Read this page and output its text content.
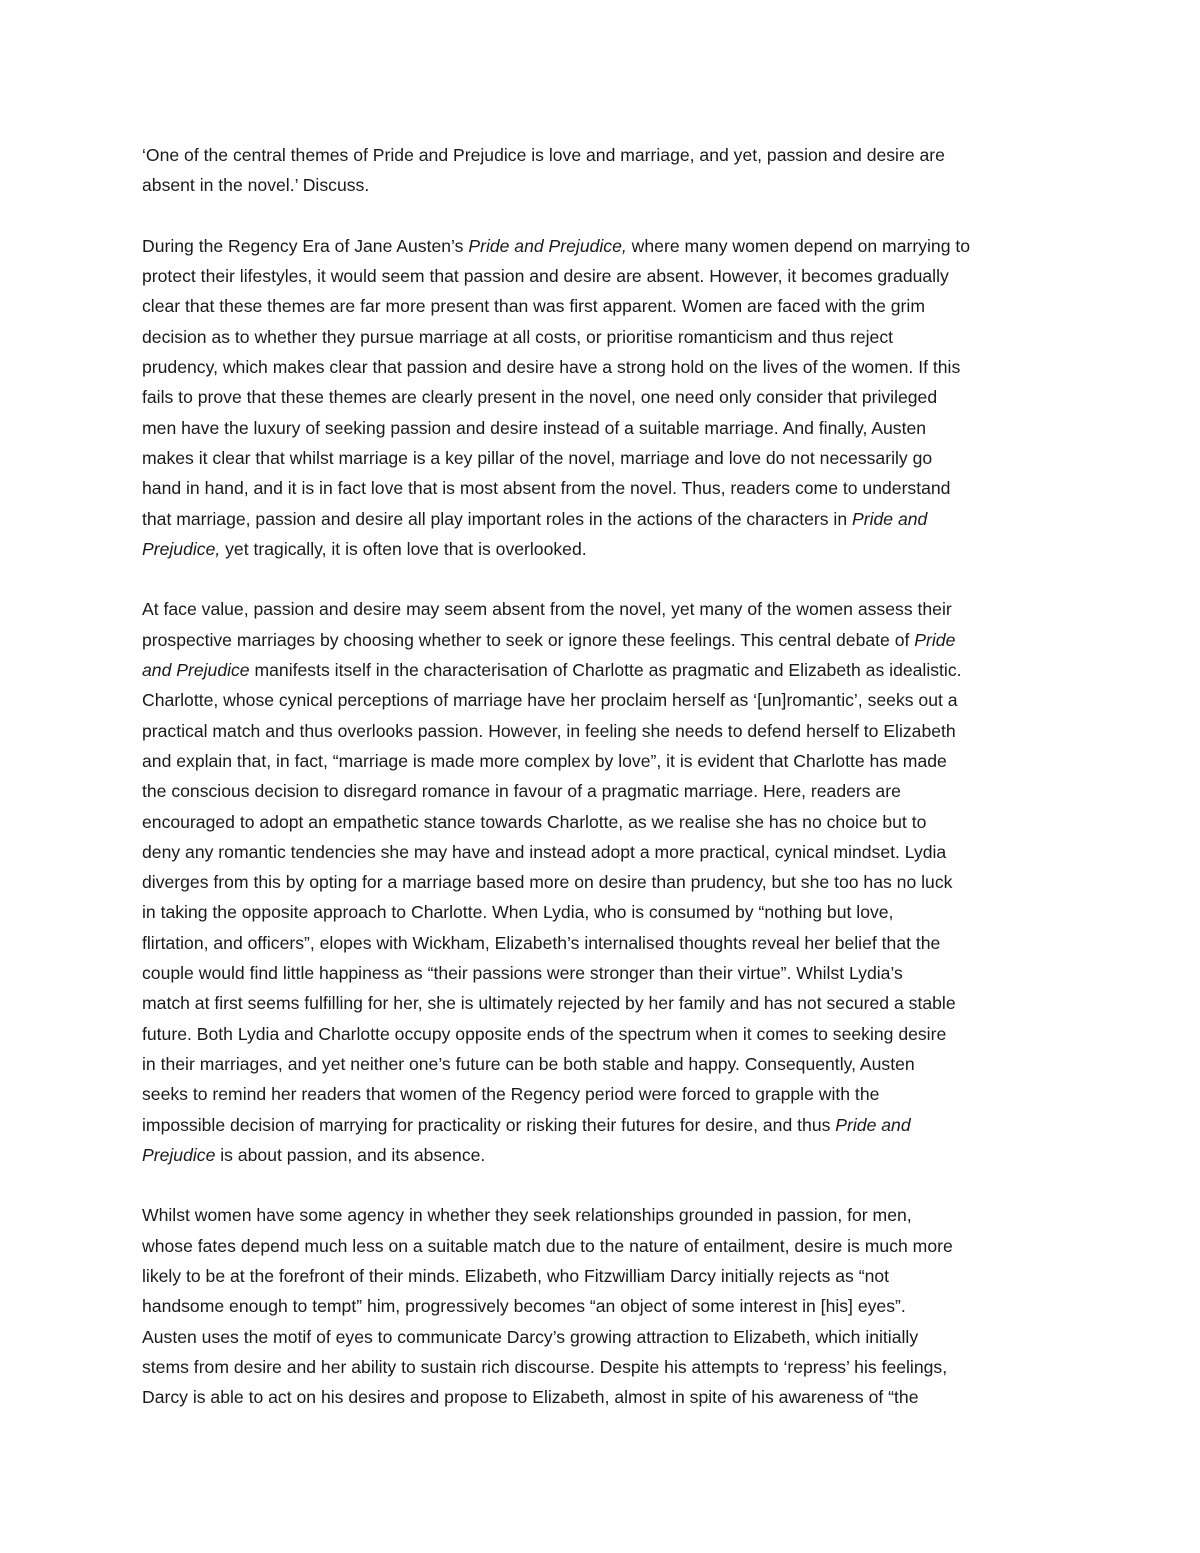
‘One of the central themes of Pride and Prejudice is love and marriage, and yet, passion and desire are
absent in the novel.’ Discuss.

During the Regency Era of Jane Austen’s Pride and Prejudice, where many women depend on marrying to
protect their lifestyles, it would seem that passion and desire are absent. However, it becomes gradually
clear that these themes are far more present than was first apparent. Women are faced with the grim
decision as to whether they pursue marriage at all costs, or prioritise romanticism and thus reject
prudency, which makes clear that passion and desire have a strong hold on the lives of the women. If this
fails to prove that these themes are clearly present in the novel, one need only consider that privileged
men have the luxury of seeking passion and desire instead of a suitable marriage. And finally, Austen
makes it clear that whilst marriage is a key pillar of the novel, marriage and love do not necessarily go
hand in hand, and it is in fact love that is most absent from the novel. Thus, readers come to understand
that marriage, passion and desire all play important roles in the actions of the characters in Pride and
Prejudice, yet tragically, it is often love that is overlooked.

At face value, passion and desire may seem absent from the novel, yet many of the women assess their
prospective marriages by choosing whether to seek or ignore these feelings. This central debate of Pride
and Prejudice manifests itself in the characterisation of Charlotte as pragmatic and Elizabeth as idealistic.
Charlotte, whose cynical perceptions of marriage have her proclaim herself as ‘[un]romantic’, seeks out a
practical match and thus overlooks passion. However, in feeling she needs to defend herself to Elizabeth
and explain that, in fact, “marriage is made more complex by love”, it is evident that Charlotte has made
the conscious decision to disregard romance in favour of a pragmatic marriage. Here, readers are
encouraged to adopt an empathetic stance towards Charlotte, as we realise she has no choice but to
deny any romantic tendencies she may have and instead adopt a more practical, cynical mindset. Lydia
diverges from this by opting for a marriage based more on desire than prudency, but she too has no luck
in taking the opposite approach to Charlotte. When Lydia, who is consumed by “nothing but love,
flirtation, and officers”, elopes with Wickham, Elizabeth’s internalised thoughts reveal her belief that the
couple would find little happiness as “their passions were stronger than their virtue”. Whilst Lydia’s
match at first seems fulfilling for her, she is ultimately rejected by her family and has not secured a stable
future. Both Lydia and Charlotte occupy opposite ends of the spectrum when it comes to seeking desire
in their marriages, and yet neither one’s future can be both stable and happy. Consequently, Austen
seeks to remind her readers that women of the Regency period were forced to grapple with the
impossible decision of marrying for practicality or risking their futures for desire, and thus Pride and
Prejudice is about passion, and its absence.

Whilst women have some agency in whether they seek relationships grounded in passion, for men,
whose fates depend much less on a suitable match due to the nature of entailment, desire is much more
likely to be at the forefront of their minds. Elizabeth, who Fitzwilliam Darcy initially rejects as “not
handsome enough to tempt” him, progressively becomes “an object of some interest in [his] eyes”.
Austen uses the motif of eyes to communicate Darcy’s growing attraction to Elizabeth, which initially
stems from desire and her ability to sustain rich discourse. Despite his attempts to ‘repress’ his feelings,
Darcy is able to act on his desires and propose to Elizabeth, almost in spite of his awareness of “the
